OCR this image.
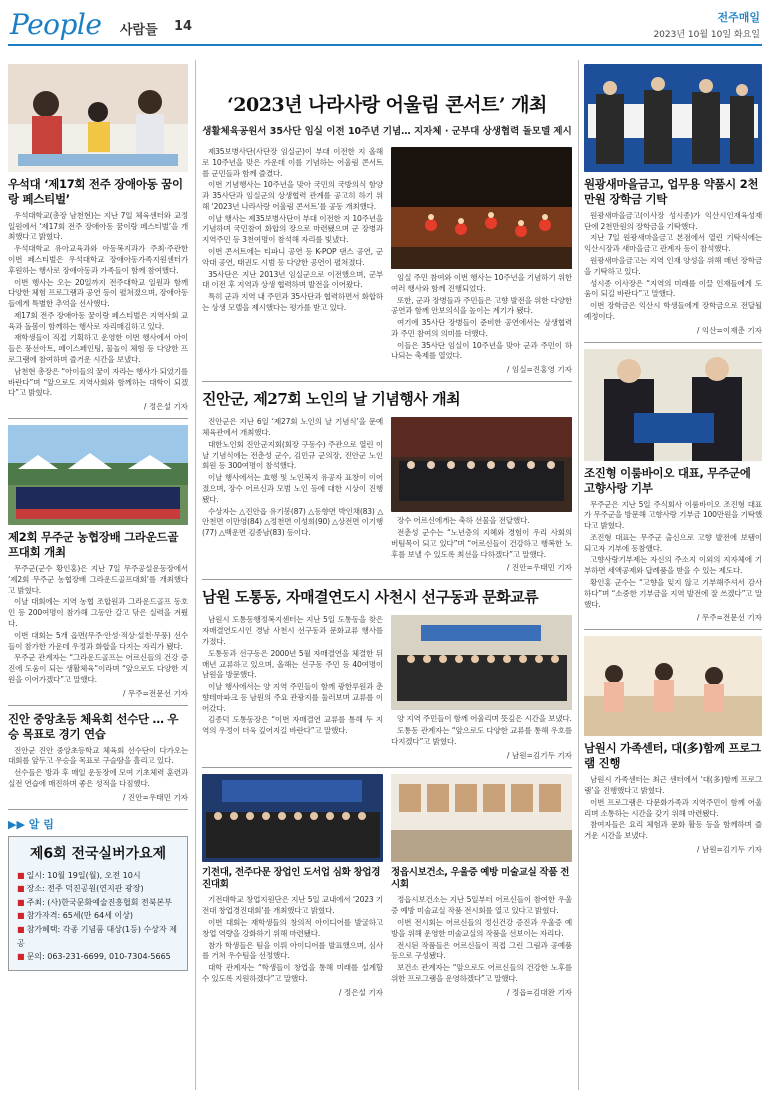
People 사람들 14
전주매일
2023년 10월 10일 화요일
우석대 ‘제17회 전주 장애아동 꿈이랑 페스티벌’

우석대학교(총장 남천현)는 지난 7일 체육센터와 교정일원에서 ‘제17회 전주 장애아동 꿈이랑 페스티벌’을 개최했다고 밝혔다.

우석대학교 유아교육과와 아동복지과가 주최·주관한 이번 페스티벌은 우석대학교 장애아동가족지원센터가 후원하는 행사로 장애아동과 가족들이 함께 참여했다.

이번 행사는 오는 20일까지 전주대학교 일원과 함께 다양한 체험 프로그램과 공연 등이 펼쳐졌으며, 장애아동들에게 특별한 추억을 선사했다.

제17회 전주 장애아동 꿈이랑 페스티벌은 지역사회 교육과 돌봄이 함께하는 행사로 자리매김하고 있다.

재학생들이 직접 기획하고 운영한 이번 행사에서 아이들은 풍선아트, 페이스페인팅, 물놀이 체험 등 다양한 프로그램에 참여하며 즐거운 시간을 보냈다.

남천현 총장은 “아이들의 꿈이 자라는 행사가 되었기를 바란다”며 “앞으로도 지역사회와 함께하는 대학이 되겠다”고 밝혔다.

/ 정은설 기자
제2회 무주군 농협장배 그라운드골프대회 개최

무주군(군수 황인홍)은 지난 7일 무주공설운동장에서 ‘제2회 무주군 농협장배 그라운드골프대회’를 개최했다고 밝혔다.

이날 대회에는 지역 농협 조합원과 그라운드골프 동호인 등 200여명이 참가해 그동안 갈고 닦은 실력을 겨뤘다.

이번 대회는 5개 읍면(무주·안성·적상·설천·무풍) 선수들이 참가한 가운데 우정과 화합을 다지는 자리가 됐다.

무주군 관계자는 “그라운드골프는 어르신들의 건강 증진에 도움이 되는 생활체육”이라며 “앞으로도 다양한 지원을 이어가겠다”고 말했다.

/ 무주=전문선 기자
진안 중앙초등 체육회 선수단 … 우승 목표로 경기 연습

진안군 진안 중앙초등학교 체육회 선수단이 다가오는 대회를 앞두고 우승을 목표로 구슬땀을 흘리고 있다.

선수들은 방과 후 매일 운동장에 모여 기초체력 훈련과 실전 연습에 매진하며 좋은 성적을 다짐했다.

/ 진안=우태민 기자
▶▶ 알 림
제6회 전국실버가요제
■ 일시: 10월 19일(월), 오전 10시
■ 장소: 전주 덕진공원(연지관 광장)
■ 주최: (사)한국문화예술진흥협회 전북본부
■ 참가자격: 65세(만 64세 이상)
■ 참가혜택: 각종 기념품 대상(1등) 수상자 제공
■ 문의: 063-231-6699, 010-7304-5665
‘2023년 나라사랑 어울림 콘서트’ 개최
생활체육공원서 35사단 임실 이전 10주년 기념… 지자체 · 군부대 상생협력 돌모델 제시

제35보병사단(사단장 임실군)이 부대 이전한 지 올해로 10주년을 맞은 가운데 이를 기념하는 어울림 콘서트를 군민들과 함께 즐겼다.

이번 기념행사는 10주년을 맞아 국민의 국방의식 함양과 35사단과 임실군의 상생협력 관계를 공고히 하기 위해 ‘2023년 나라사랑 어울림 콘서트’를 공동 개최했다.

이날 행사는 제35보병사단이 부대 이전한 지 10주년을 기념하며 국민참여 화합의 장으로 마련됐으며 군 장병과 지역주민 등 3천여명이 참석해 자리를 빛냈다.

이번 콘서트에는 티파니 공연 등 K-POP 댄스 공연, 군악대 공연, 태권도 시범 등 다양한 공연이 펼쳐졌다.

35사단은 지난 2013년 임실군으로 이전했으며, 군부대 이전 후 지역과 상생 협력하며 발전을 이어왔다.

특히 군과 지역 내 주민과 35사단과 협력하면서 화합하는 상생 모델을 제시했다는 평가를 받고 있다.

임실 주민 참여와 이번 행사는 10주년을 기념하기 위한 여러 행사와 함께 진행되었다.

또한, 군과 장병들과 주민들은 고향 발전을 위한 다양한 공연과 함께 안보의식을 높이는 계기가 됐다.

여기에 35사단 장병들이 준비한 공연에서는 상생협력과 주민 참여의 의미를 더했다.

이들은 35사단 임실이 10주년을 맞아 군과 주민이 하나되는 축제를 열었다.

/ 임실=진홍영 기자
진안군, 제27회 노인의 날 기념행사 개최

진안군은 지난 6일 ‘제27회 노인의 날 기념식’을 문예체육관에서 개최했다.

대한노인회 진안군지회(회장 구동수) 주관으로 열린 이날 기념식에는 전춘성 군수, 김민규 군의장, 진안군 노인회원 등 300여명이 참석했다.

이날 행사에서는 효행 및 노인복지 유공자 표창이 이어졌으며, 장수 어르신과 모범 노인 등에 대한 시상이 진행됐다.

수상자는 △진안읍 유기봉(87) △동향면 박인채(83) △안천면 이만영(84) △정천면 이성희(90) △상전면 이기행(77) △백운면 김종남(83) 등이다.

장수 어르신에게는 축하 선물을 전달했다.

전춘성 군수는 “노년층의 지혜와 경험이 우리 사회의 버팀목이 되고 있다”며 “어르신들이 건강하고 행복한 노후를 보낼 수 있도록 최선을 다하겠다”고 말했다.

/ 진안=우태민 기자
남원 도통동, 자매결연도시 사천시 선구동과 문화교류

남원시 도통동행정복지센터는 지난 5일 도통동을 찾은 자매결연도시인 경남 사천시 선구동과 문화교류 행사를 가졌다.

도통동과 선구동은 2000년 5월 자매결연을 체결한 뒤 매년 교류하고 있으며, 올해는 선구동 주민 등 40여명이 남원을 방문했다.

이날 행사에서는 양 지역 주민들이 함께 광한루원과 춘향테마파크 등 남원의 주요 관광지를 둘러보며 교류를 이어갔다.

김종덕 도통동장은 “이번 자매결연 교류를 통해 두 지역의 우정이 더욱 깊어지길 바란다”고 말했다.

양 지역 주민들이 함께 어울리며 뜻깊은 시간을 보냈다.

도통동 관계자는 “앞으로도 다양한 교류를 통해 우호를 다지겠다”고 밝혔다.

/ 남원=김기두 기자
기전대, 전주다문 장업인 도서업 심화 창업경진대회

기전대학교 창업지원단은 지난 5일 교내에서 ‘2023 기전대 창업경진대회’를 개최했다고 밝혔다.

이번 대회는 재학생들의 창의적 아이디어를 발굴하고 창업 역량을 강화하기 위해 마련됐다.

참가 학생들은 팀을 이뤄 아이디어를 발표했으며, 심사를 거쳐 우수팀을 선정했다.

대학 관계자는 “학생들이 창업을 통해 미래를 설계할 수 있도록 지원하겠다”고 말했다.

/ 정은설 기자
정읍시보건소, 우울증 예방 미술교실 작품 전시회

정읍시보건소는 지난 5일부터 어르신들이 참여한 우울증 예방 미술교실 작품 전시회를 열고 있다고 밝혔다.

이번 전시회는 어르신들의 정신건강 증진과 우울증 예방을 위해 운영한 미술교실의 작품을 선보이는 자리다.

전시된 작품들은 어르신들이 직접 그린 그림과 공예품 등으로 구성됐다.

보건소 관계자는 “앞으로도 어르신들의 건강한 노후를 위한 프로그램을 운영하겠다”고 말했다.

/ 정읍=김대완 기자
원광새마을금고, 업무용 약품시 2천만원 장학금 기탁

원광새마을금고(이사장 성시종)가 익산시인재육성재단에 2천만원의 장학금을 기탁했다.

지난 7일 원광새마을금고 본점에서 열린 기탁식에는 익산시장과 새마을금고 관계자 등이 참석했다.

원광새마을금고는 지역 인재 양성을 위해 매년 장학금을 기탁하고 있다.

성시종 이사장은 “지역의 미래를 이끌 인재들에게 도움이 되길 바란다”고 말했다.

이번 장학금은 익산시 학생들에게 장학금으로 전달될 예정이다.

/ 익산=이재춘 기자
조진형 이룸바이오 대표, 무주군에 고향사랑 기부

무주군은 지난 5일 주식회사 이룸바이오 조진형 대표가 무주군을 방문해 고향사랑 기부금 100만원을 기탁했다고 밝혔다.

조진형 대표는 무주군 출신으로 고향 발전에 보탬이 되고자 기부에 동참했다.

고향사랑기부제는 자신의 주소지 이외의 지자체에 기부하면 세액공제와 답례품을 받을 수 있는 제도다.

황인홍 군수는 “고향을 잊지 않고 기부해주셔서 감사하다”며 “소중한 기부금을 지역 발전에 잘 쓰겠다”고 말했다.

/ 무주=전문선 기자
남원시 가족센터, 대(多)함께 프로그램 진행

남원시 가족센터는 최근 센터에서 ‘대(多)함께 프로그램’을 진행했다고 밝혔다.

이번 프로그램은 다문화가족과 지역주민이 함께 어울리며 소통하는 시간을 갖기 위해 마련됐다.

참여자들은 요리 체험과 문화 활동 등을 함께하며 즐거운 시간을 보냈다.

/ 남원=김기두 기자
